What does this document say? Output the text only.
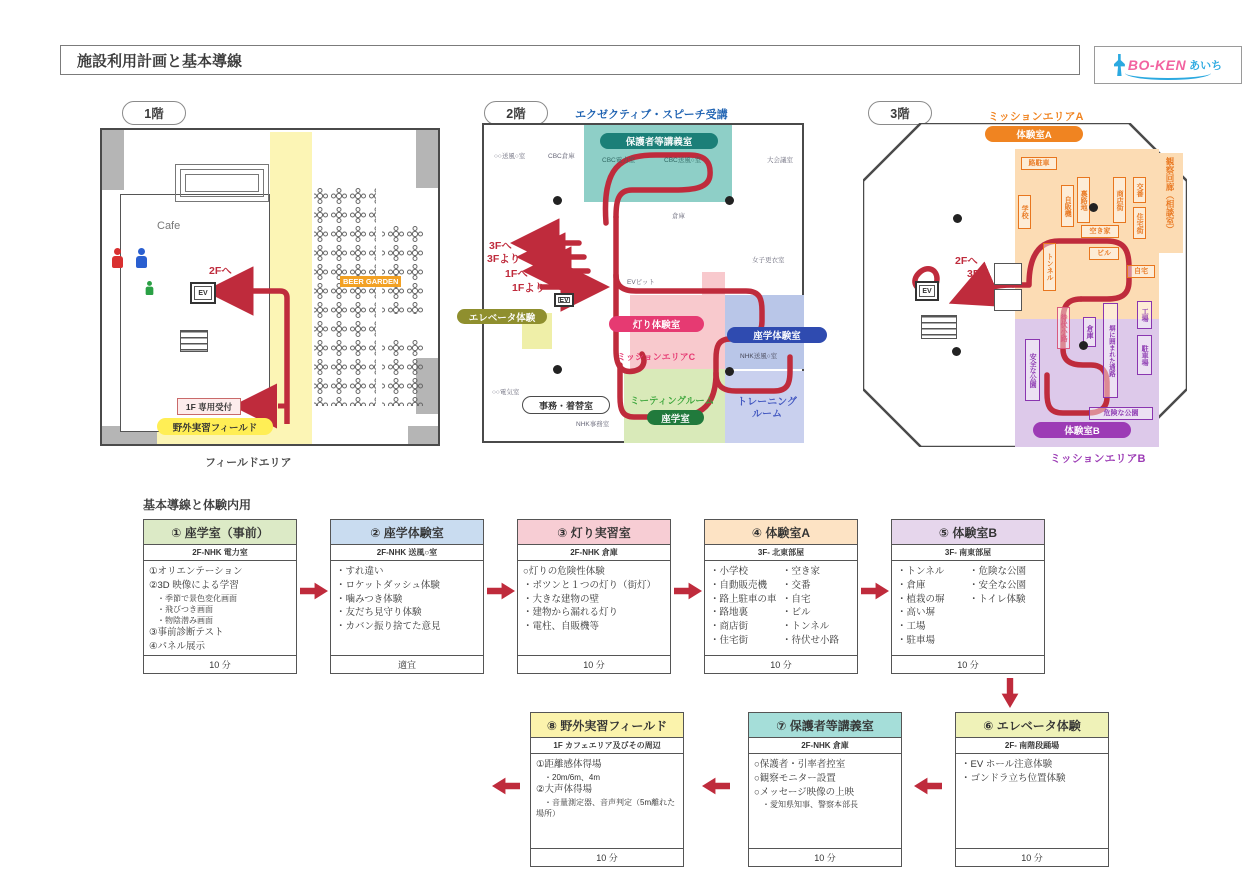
施設利用計画と基本導線	BO-KEN あいち
1階
Cafe
EV
2Fへ
BEER GARDEN
1F 専用受付
野外実習フィールド
フィールドエリア
2階	エクゼクティブ・スピーチ受講
○○送風○室	CBC倉庫
CBC電力室	CBC送風○室	大会議室
倉庫
EVピット
女子更衣室
NHK送風○室
NHK事務室
○○電気室
保護者等講義室
座学体験室
灯り体験室
ミッションエリアC
ミーティングルーム
座学室
トレーニング
ルーム
事務・着替室
エレベータ体験
EV
3Fへ
3Fより
1Fへ
1Fより
3階	ミッションエリアA
路駐車
学校	自販機	裏路地
空き家
商店街	交番
住宅街
ビル
自宅
トンネル
観察回廊（相談室）
工場
駐車場
倉庫	塀に囲まれた通路
安全な公園
危険な公園
待伏小路
体験室A
体験室B
2Fへ
3Fへ
EV
ミッションエリアB
基本導線と体験内用
① 座学室（事前）
2F-NHK 電力室
①オリエンテーション
②3D 映像による学習
　・季節で景色変化画面
　・飛びつき画面
　・物陰潜み画面
③事前診断テスト
④パネル展示
10 分
② 座学体験室
2F-NHK 送風○室
・すれ違い
・ロケットダッシュ体験
・噛みつき体験
・友だち見守り体験
・カバン振り捨てた意見
適宜
③ 灯り実習室
2F-NHK 倉庫
○灯りの危険性体験
・ポツンと１つの灯り（街灯）
・大きな建物の壁
・建物から漏れる灯り
・電柱、自販機等
10 分
④ 体験室A
3F- 北東部屋
・小学校
・自動販売機
・路上駐車の車
・路地裏
・商店街
・住宅街
・空き家
・交番
・自宅
・ビル
・トンネル
・待伏せ小路
10 分
⑤ 体験室B
3F- 南東部屋
・トンネル
・倉庫
・植栽の塀
・高い塀
・工場
・駐車場
・危険な公園
・安全な公園
・トイレ体験
10 分
⑧ 野外実習フィールド
1F カフェエリア及びその周辺
①距離感体得場
　・20m/6m、4m
②大声体得場
　・音量測定器、音声判定（5m離れた場所）
10 分
⑦ 保護者等講義室
2F-NHK 倉庫
○保護者・引率者控室
○観察モニター設置
○メッセージ映像の上映
　・愛知県知事、警察本部長
10 分
⑥ エレベータ体験
2F- 南階段踊場
・EV ホール注意体験
・ゴンドラ立ち位置体験
10 分
